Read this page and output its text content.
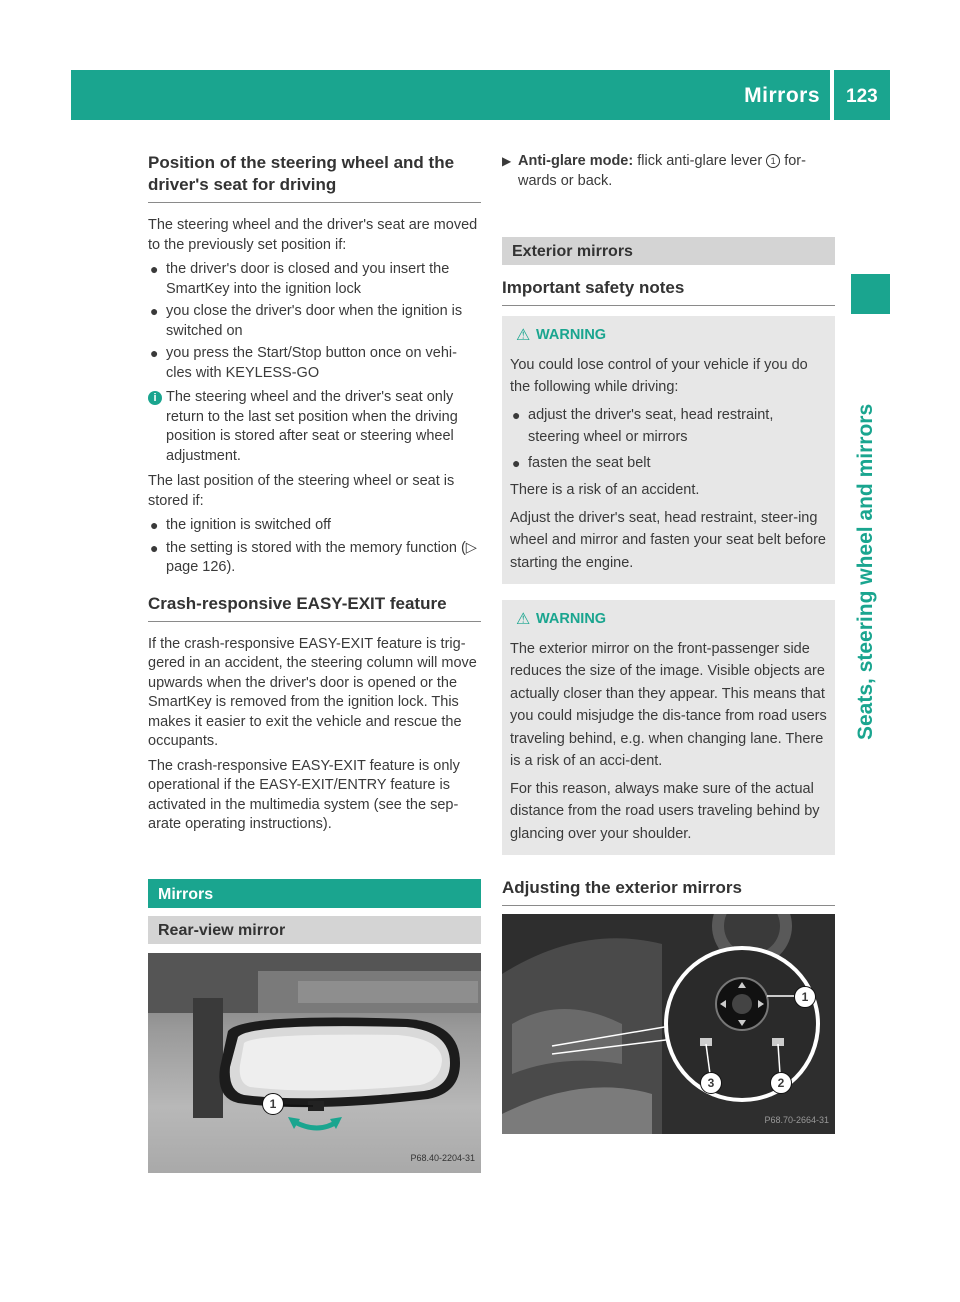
Mirrors 123
Seats, steering wheel and mirrors
Position of the steering wheel and the driver's seat for driving

The steering wheel and the driver's seat are moved to the previously set position if:

● the driver's door is closed and you insert the SmartKey into the ignition lock
● you close the driver's door when the ignition is switched on
● you press the Start/Stop button once on vehi-cles with KEYLESS-GO
i The steering wheel and the driver's seat only return to the last set position when the driving position is stored after seat or steering wheel adjustment.

The last position of the steering wheel or seat is stored if:

● the ignition is switched off
● the setting is stored with the memory function (▷ page 126).
Crash-responsive EASY-EXIT feature

If the crash-responsive EASY-EXIT feature is trig-gered in an accident, the steering column will move upwards when the driver's door is opened or the SmartKey is removed from the ignition lock. This makes it easier to exit the vehicle and rescue the occupants.

The crash-responsive EASY-EXIT feature is only operational if the EASY-EXIT/ENTRY feature is activated in the multimedia system (see the sep-arate operating instructions).

Mirrors
Rear-view mirror
1
P68.40-2204-31
▶ Anti-glare mode: flick anti-glare lever 1 for-wards or back.
Exterior mirrors
Important safety notes
⚠ WARNING

You could lose control of your vehicle if you do the following while driving:

● adjust the driver's seat, head restraint, steering wheel or mirrors
● fasten the seat belt

There is a risk of an accident.

Adjust the driver's seat, head restraint, steer-ing wheel and mirror and fasten your seat belt before starting the engine.

⚠ WARNING

The exterior mirror on the front-passenger side reduces the size of the image. Visible objects are actually closer than they appear. This means that you could misjudge the dis-tance from road users traveling behind, e.g. when changing lane. There is a risk of an acci-dent.

For this reason, always make sure of the actual distance from the road users traveling behind by glancing over your shoulder.

Adjusting the exterior mirrors
1
2
3
P68.70-2664-31
